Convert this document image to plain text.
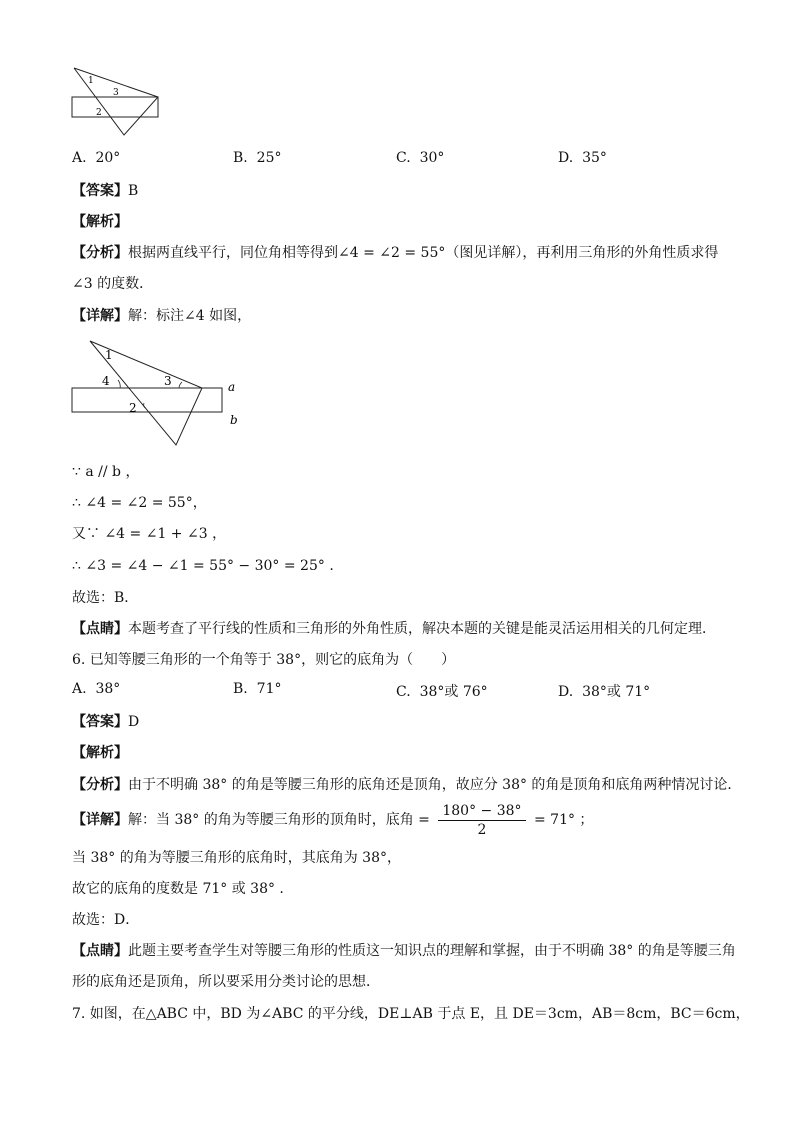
1
3
2
A. 20°	B. 25°	C. 30°	D. 35°
【答案】B
【解析】
【分析】根据两直线平行，同位角相等得到∠4 = ∠2 = 55°（图见详解），再利用三角形的外角性质求得
∠3 的度数．
【详解】解：标注∠4 如图，
1
4	3
2
a
b
∵ a // b ，
∴ ∠4 = ∠2 = 55°，
又∵ ∠4 = ∠1 + ∠3 ，
∴ ∠3 = ∠4 − ∠1 = 55° − 30° = 25° .
故选：B．
【点睛】本题考查了平行线的性质和三角形的外角性质，解决本题的关键是能灵活运用相关的几何定理．
6. 已知等腰三角形的一个角等于 38°，则它的底角为（　　）
A. 38°	B. 71°	C. 38°或 76°	D. 38°或 71°
【答案】D
【解析】
【分析】由于不明确 38° 的角是等腰三角形的底角还是顶角，故应分 38° 的角是顶角和底角两种情况讨论．
【详解】解：当 38° 的角为等腰三角形的顶角时，底角 = $\frac{180^\circ - 38^\circ}{2} = 71^\circ$ ；
当 38° 的角为等腰三角形的底角时，其底角为 38°，
故它的底角的度数是 71° 或 38° .
故选：D．
【点睛】此题主要考查学生对等腰三角形的性质这一知识点的理解和掌握，由于不明确 38° 的角是等腰三角
形的底角还是顶角，所以要采用分类讨论的思想．
7. 如图，在△ABC 中，BD 为∠ABC 的平分线，DE⊥AB 于点 E，且 DE＝3cm，AB＝8cm，BC＝6cm，
